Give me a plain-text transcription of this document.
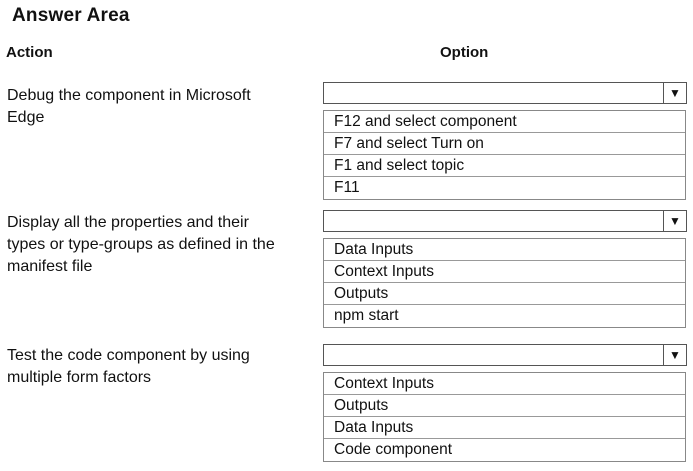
Answer Area
Action	Option
Debug the component in Microsoft
Edge
▼
F12 and select component
F7 and select Turn on
F1 and select topic
F11
Display all the properties and their
types or type-groups as defined in the
manifest file
▼
Data Inputs
Context Inputs
Outputs
npm start
Test the code component by using
multiple form factors
▼
Context Inputs
Outputs
Data Inputs
Code component
